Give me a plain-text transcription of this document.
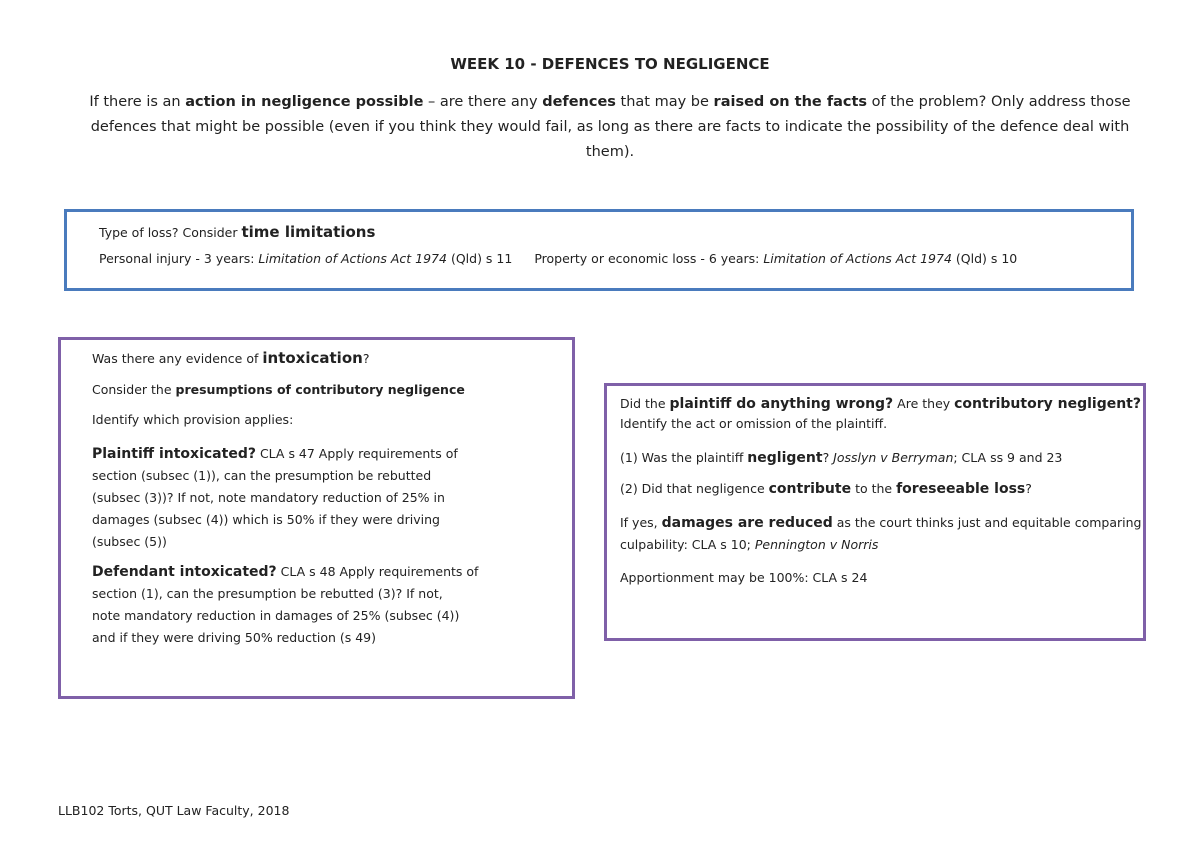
WEEK 10 - DEFENCES TO NEGLIGENCE
If there is an action in negligence possible – are there any defences that may be raised on the facts of the problem? Only address those defences that might be possible (even if you think they would fail, as long as there are facts to indicate the possibility of the defence deal with them).

Type of loss? Consider time limitations

Personal injury - 3 years: Limitation of Actions Act 1974 (Qld) s 11 Property or economic loss - 6 years: Limitation of Actions Act 1974 (Qld) s 10

Was there any evidence of intoxication?

Consider the presumptions of contributory negligence

Identify which provision applies:

Plaintiff intoxicated? CLA s 47 Apply requirements of

section (subsec (1)), can the presumption be rebutted

(subsec (3))? If not, note mandatory reduction of 25% in

damages (subsec (4)) which is 50% if they were driving

(subsec (5))

Defendant intoxicated? CLA s 48 Apply requirements of

section (1), can the presumption be rebutted (3)? If not,

note mandatory reduction in damages of 25% (subsec (4))

and if they were driving 50% reduction (s 49)

Did the plaintiff do anything wrong? Are they contributory negligent?

Identify the act or omission of the plaintiff.

(1) Was the plaintiff negligent? Josslyn v Berryman; CLA ss 9 and 23

(2) Did that negligence contribute to the foreseeable loss?

If yes, damages are reduced as the court thinks just and equitable comparing

culpability: CLA s 10; Pennington v Norris

Apportionment may be 100%: CLA s 24

LLB102 Torts, QUT Law Faculty, 2018
